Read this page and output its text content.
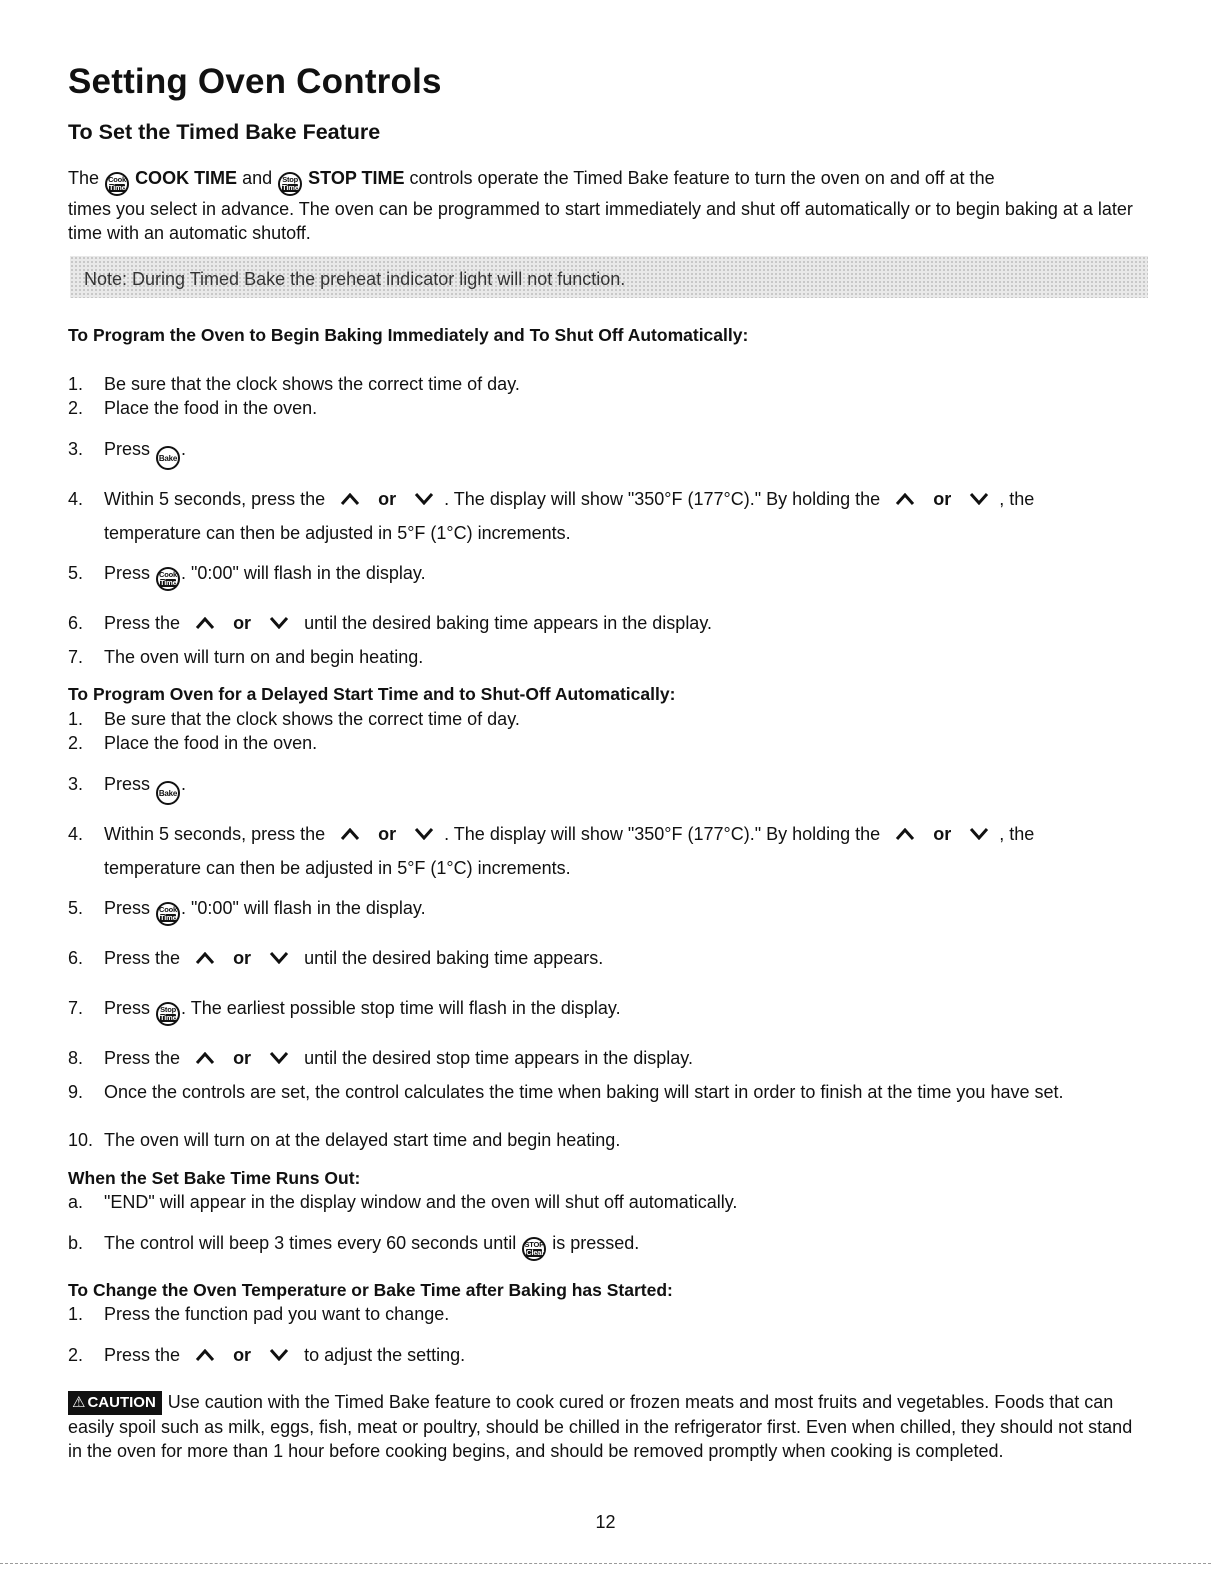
Setting Oven Controls
To Set the Timed Bake Feature
The Cook
Time COOK TIME and Stop
Time STOP TIME controls operate the Timed Bake feature to turn the oven on and off at the
times you select in advance. The oven can be programmed to start immediately and shut off automatically or to begin baking at a later time with an automatic shutoff.
Note: During Timed Bake the preheat indicator light will not function.
To Program the Oven to Begin Baking Immediately and To Shut Off Automatically:
1.	Be sure that the clock shows the correct time of day.
2.	Place the food in the oven.
3.	Press Bake .
4.	Within 5 seconds, press the	or	. The display will show "350°F (177°C)." By holding the	or	, the
temperature can then be adjusted in 5°F (1°C) increments.
5.	Press Cook
Time . "0:00" will flash in the display.
6.	Press the	or	until the desired baking time appears in the display.
7.	The oven will turn on and begin heating.
To Program Oven for a Delayed Start Time and to Shut-Off Automatically:
1.	Be sure that the clock shows the correct time of day.
2.	Place the food in the oven.
3.	Press Bake .
4.	Within 5 seconds, press the	or	. The display will show "350°F (177°C)." By holding the	or	, the
temperature can then be adjusted in 5°F (1°C) increments.
5.	Press Cook
Time . "0:00" will flash in the display.
6.	Press the	or	until the desired baking time appears.
7.	Press Stop
Time . The earliest possible stop time will flash in the display.
8.	Press the	or	until the desired stop time appears in the display.
9.	Once the controls are set, the control calculates the time when baking will start in order to finish at the time you have set.
10. The oven will turn on at the delayed start time and begin heating.
When the Set Bake Time Runs Out:
a.	"END" will appear in the display window and the oven will shut off automatically.
b.	The control will beep 3 times every 60 seconds until STOP
Clear is pressed.
To Change the Oven Temperature or Bake Time after Baking has Started:
1.	Press the function pad you want to change.
2.	Press the	or	to adjust the setting.
⚠ CAUTION Use caution with the Timed Bake feature to cook cured or frozen meats and most fruits and vegetables. Foods that can easily spoil such as milk, eggs, fish, meat or poultry, should be chilled in the refrigerator first. Even when chilled, they should not stand in the oven for more than 1 hour before cooking begins, and should be removed promptly when cooking is completed.
12
